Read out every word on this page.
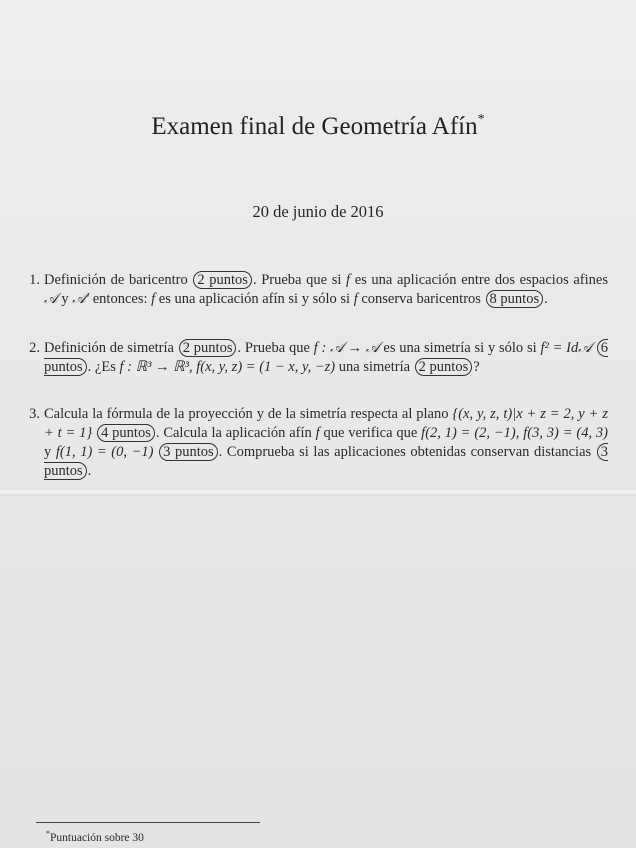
Examen final de Geometría Afín*
20 de junio de 2016
1. Definición de baricentro 2 puntos . Prueba que si f es una aplicación entre dos espacios afines 𝒜 y 𝒜′ entonces: f es una aplicación afín si y sólo si f conserva baricentros 8 puntos .
2. Definición de simetría 2 puntos . Prueba que f : 𝒜 → 𝒜 es una simetría si y sólo si f² = Id𝒜 6 puntos . ¿Es f : ℝ³ → ℝ³, f(x, y, z) = (1 − x, y, −z) una simetría 2 puntos ?
3. Calcula la fórmula de la proyección y de la simetría respecta al plano {(x, y, z, t)|x + z = 2, y + z + t = 1} 4 puntos . Calcula la aplicación afín f que verifica que f(2, 1) = (2, −1), f(3, 3) = (4, 3) y f(1, 1) = (0, −1) 3 puntos . Comprueba si las aplicaciones obtenidas conservan distancias 3 puntos .
*Puntuación sobre 30
